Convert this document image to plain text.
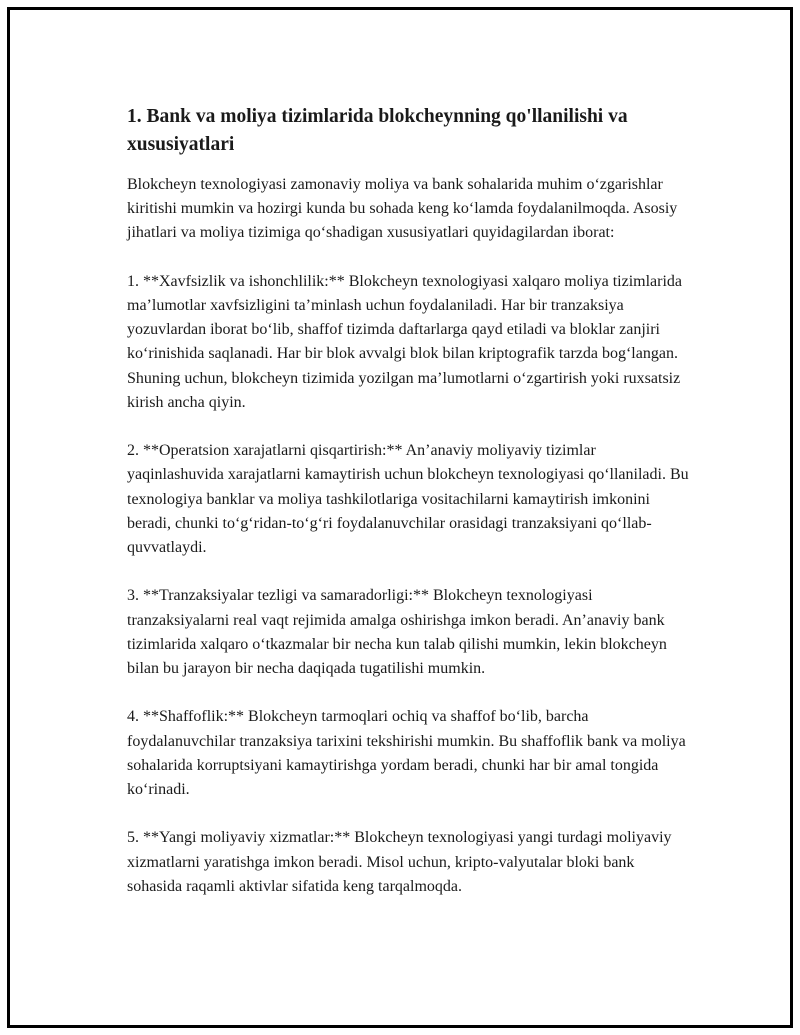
1. Bank va moliya tizimlarida blokcheynning qo'llanilishi va xususiyatlari

Blokcheyn texnologiyasi zamonaviy moliya va bank sohalarida muhim o‘zgarishlar kiritishi mumkin va hozirgi kunda bu sohada keng ko‘lamda foydalanilmoqda. Asosiy jihatlari va moliya tizimiga qo‘shadigan xususiyatlari quyidagilardan iborat:

1. **Xavfsizlik va ishonchlilik:** Blokcheyn texnologiyasi xalqaro moliya tizimlarida ma’lumotlar xavfsizligini ta’minlash uchun foydalaniladi. Har bir tranzaksiya yozuvlardan iborat bo‘lib, shaffof tizimda daftarlarga qayd etiladi va bloklar zanjiri ko‘rinishida saqlanadi. Har bir blok avvalgi blok bilan kriptografik tarzda bog‘langan. Shuning uchun, blokcheyn tizimida yozilgan ma’lumotlarni o‘zgartirish yoki ruxsatsiz kirish ancha qiyin.

2. **Operatsion xarajatlarni qisqartirish:** An’anaviy moliyaviy tizimlar yaqinlashuvida xarajatlarni kamaytirish uchun blokcheyn texnologiyasi qo‘llaniladi. Bu texnologiya banklar va moliya tashkilotlariga vositachilarni kamaytirish imkonini beradi, chunki to‘g‘ridan-to‘g‘ri foydalanuvchilar orasidagi tranzaksiyani qo‘llab-quvvatlaydi.

3. **Tranzaksiyalar tezligi va samaradorligi:** Blokcheyn texnologiyasi tranzaksiyalarni real vaqt rejimida amalga oshirishga imkon beradi. An’anaviy bank tizimlarida xalqaro o‘tkazmalar bir necha kun talab qilishi mumkin, lekin blokcheyn bilan bu jarayon bir necha daqiqada tugatilishi mumkin.

4. **Shaffoflik:** Blokcheyn tarmoqlari ochiq va shaffof bo‘lib, barcha foydalanuvchilar tranzaksiya tarixini tekshirishi mumkin. Bu shaffoflik bank va moliya sohalarida korruptsiyani kamaytirishga yordam beradi, chunki har bir amal tongida ko‘rinadi.

5. **Yangi moliyaviy xizmatlar:** Blokcheyn texnologiyasi yangi turdagi moliyaviy xizmatlarni yaratishga imkon beradi. Misol uchun, kripto-valyutalar bloki bank sohasida raqamli aktivlar sifatida keng tarqalmoqda.
